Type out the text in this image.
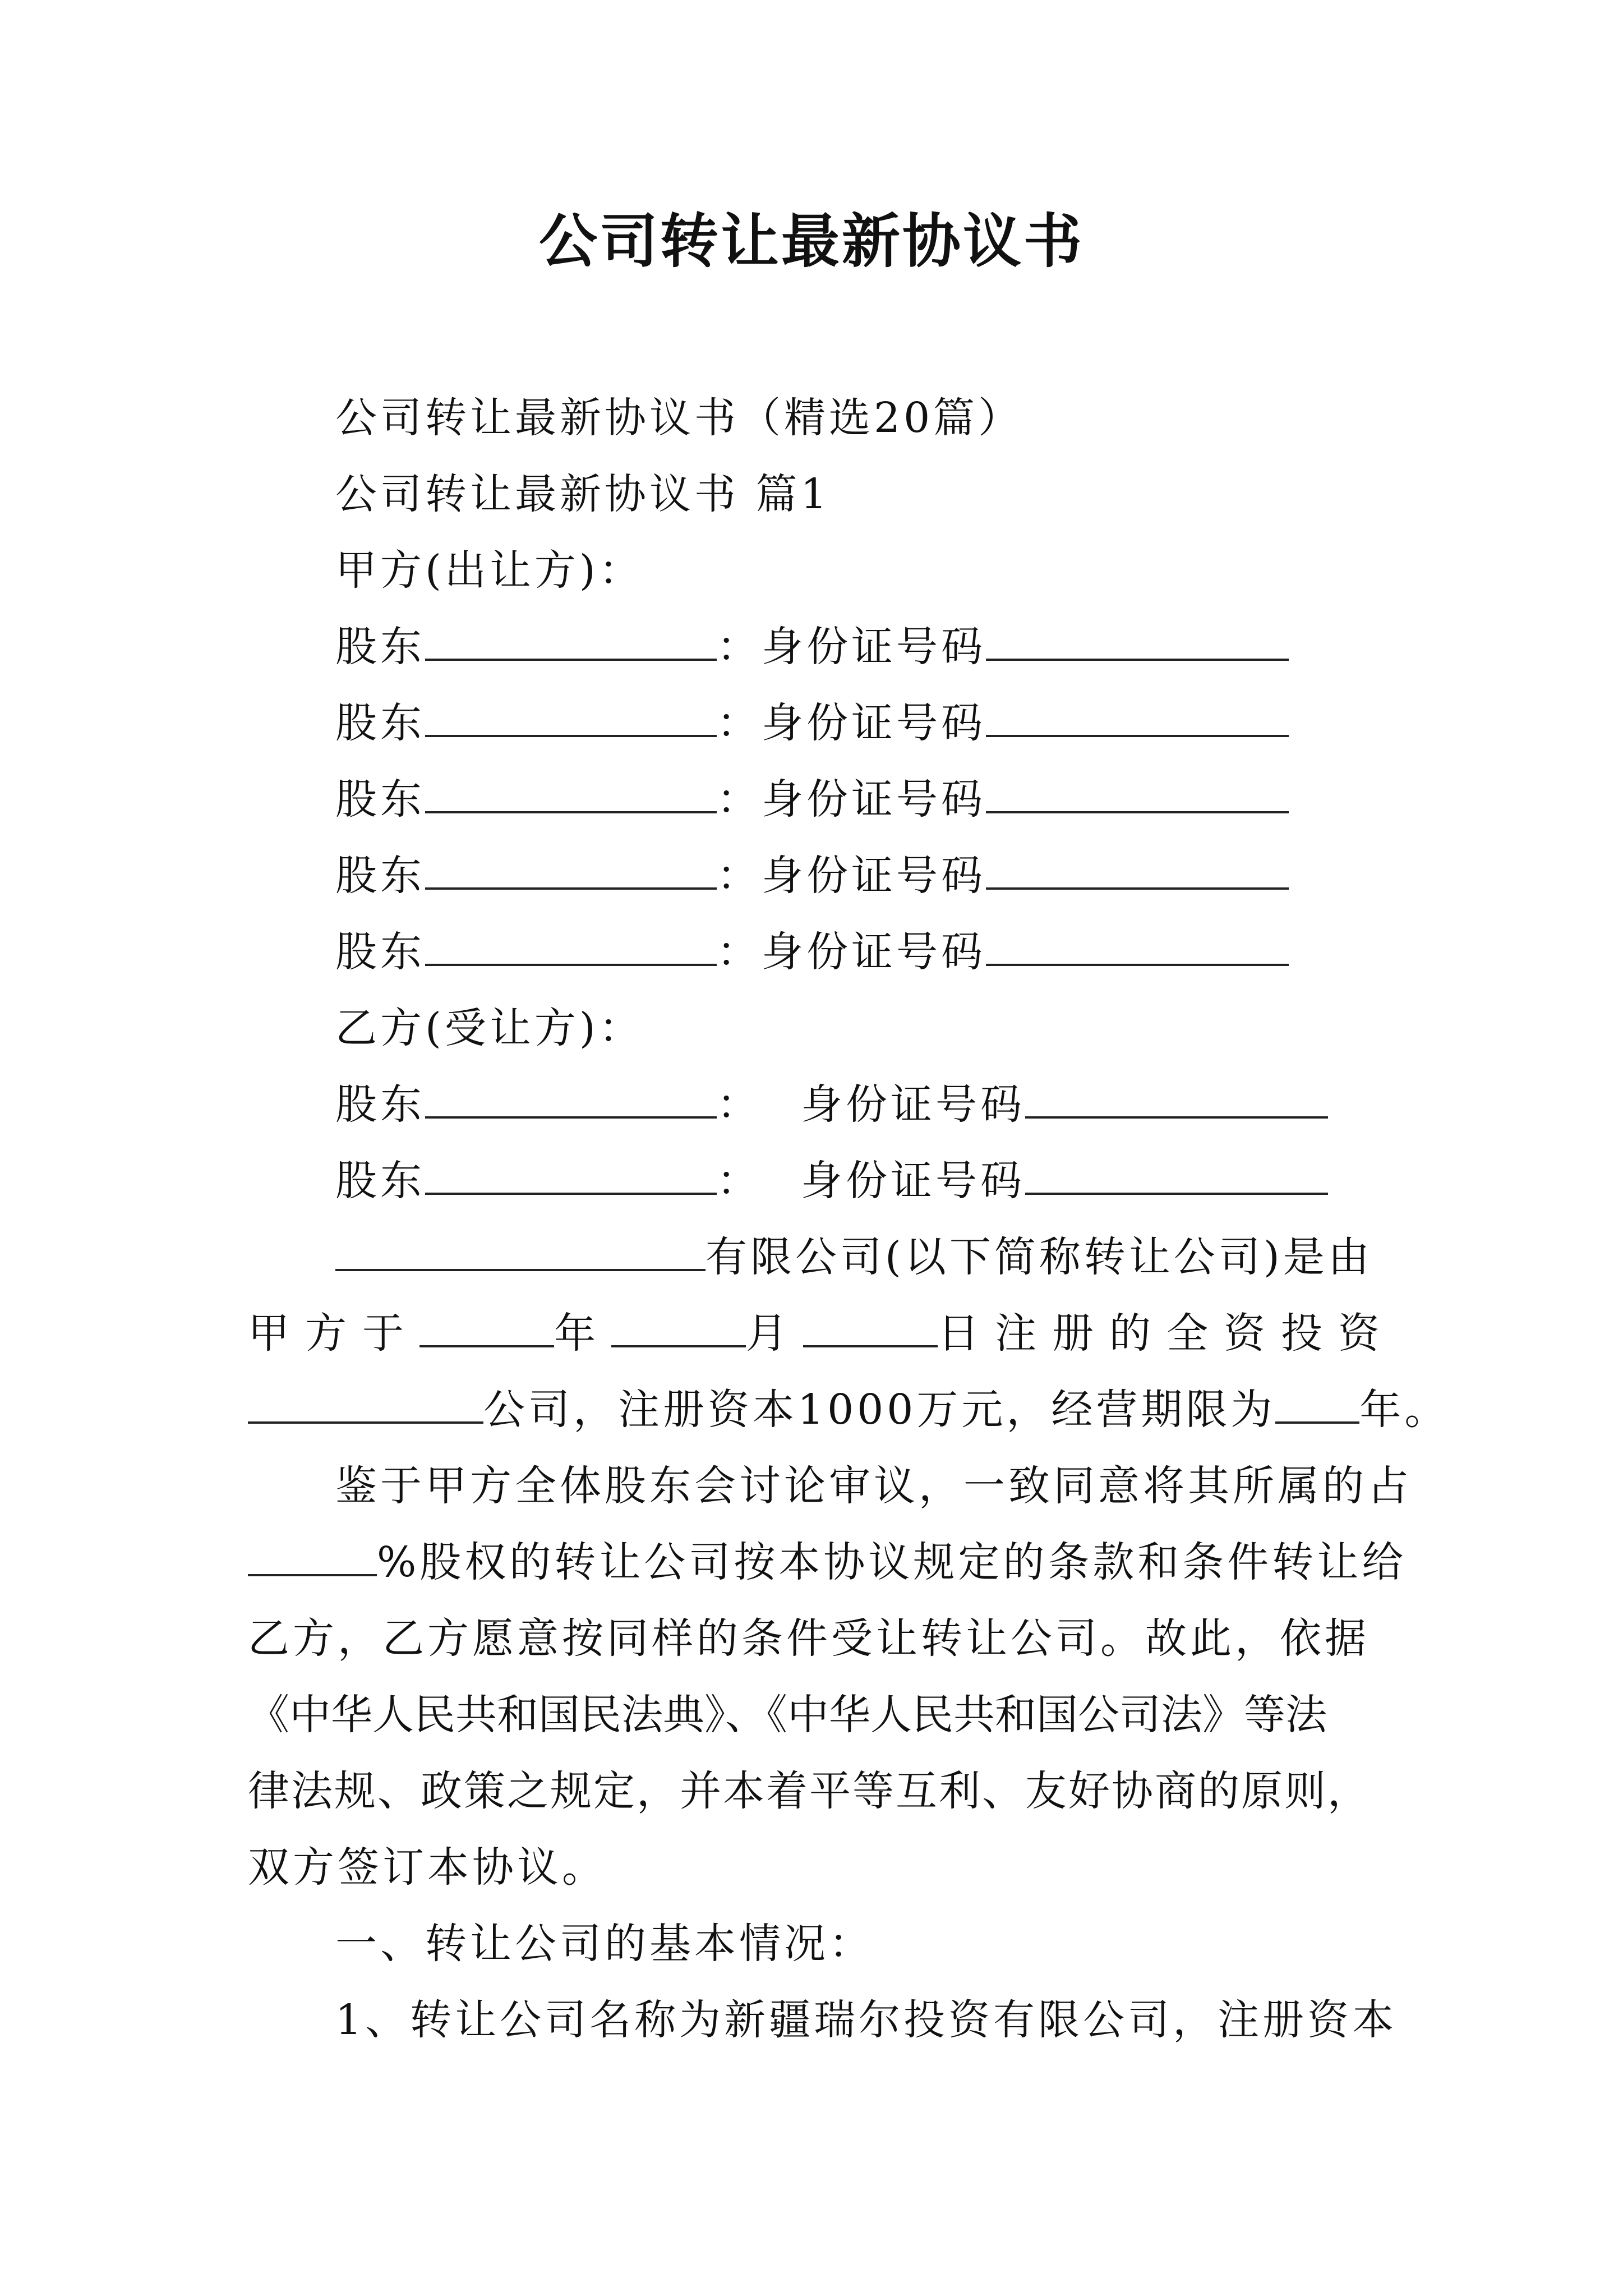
公司转让最新协议书
公司转让最新协议书（精选20篇）
公司转让最新协议书 篇1
甲方(出让方)：
股东	：身份证号码
股东	：身份证号码
股东	：身份证号码
股东	：身份证号码
股东	：身份证号码
乙方(受让方)：
股东	： 身份证号码
股东	： 身份证号码
有限公司(以下简称转让公司)是由
甲方于	年	月	日注册的全资投资
公司，注册资本1000万元，经营期限为 年。
鉴于甲方全体股东会讨论审议，一致同意将其所属的占
%股权的转让公司按本协议规定的条款和条件转让给
乙方，乙方愿意按同样的条件受让转让公司。故此，依据
《中华人民共和国民法典》、《中华人民共和国公司法》等法
律法规、政策之规定，并本着平等互利、友好协商的原则，
双方签订本协议。
一、转让公司的基本情况：
1、转让公司名称为新疆瑞尔投资有限公司，注册资本
